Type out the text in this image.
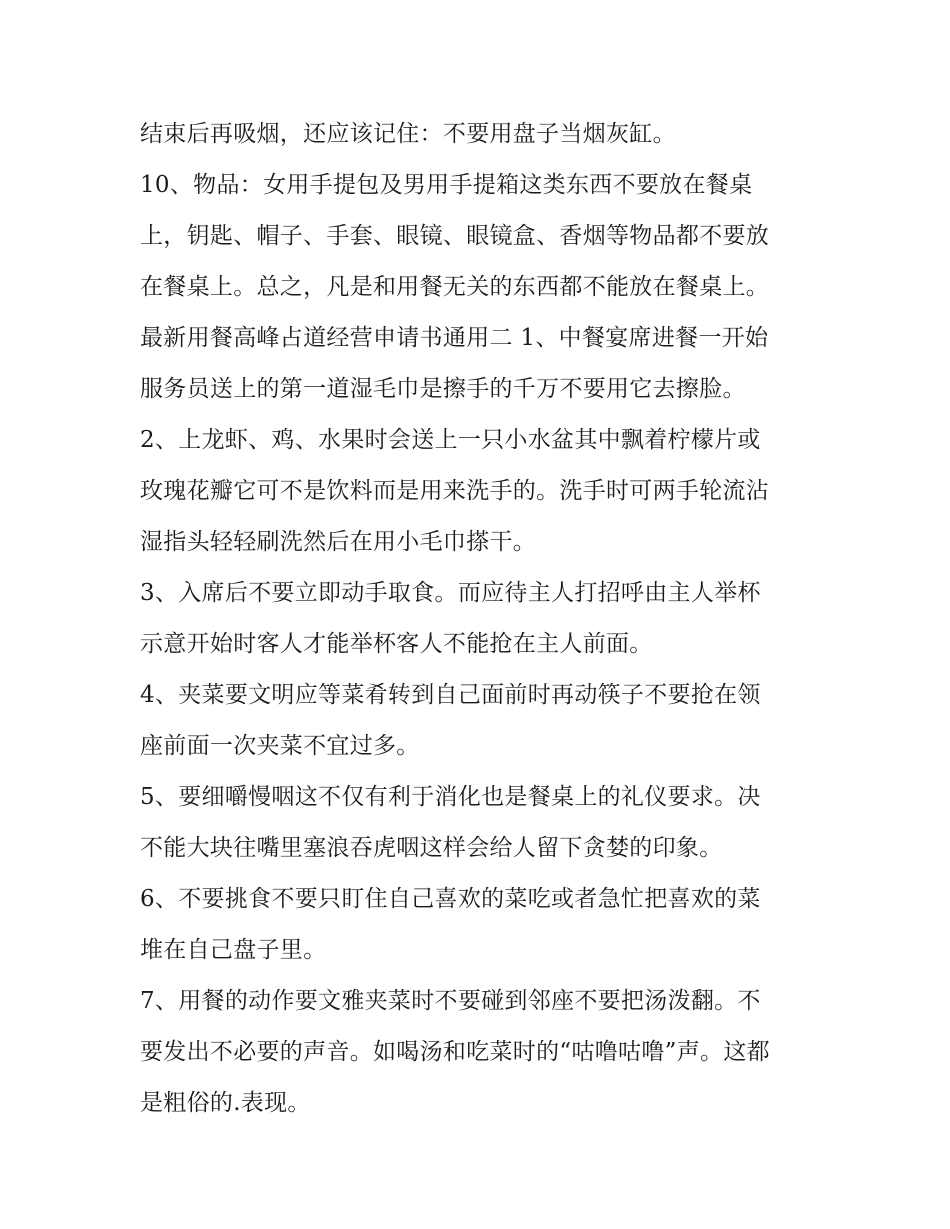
结束后再吸烟，还应该记住：不要用盘子当烟灰缸。
10、物品：女用手提包及男用手提箱这类东西不要放在餐桌
上，钥匙、帽子、手套、眼镜、眼镜盒、香烟等物品都不要放
在餐桌上。总之，凡是和用餐无关的东西都不能放在餐桌上。
最新用餐高峰占道经营申请书通用二 1、中餐宴席进餐一开始
服务员送上的第一道湿毛巾是擦手的千万不要用它去擦脸。
2、上龙虾、鸡、水果时会送上一只小水盆其中飘着柠檬片或
玫瑰花瓣它可不是饮料而是用来洗手的。洗手时可两手轮流沾
湿指头轻轻刷洗然后在用小毛巾搽干。
3、入席后不要立即动手取食。而应待主人打招呼由主人举杯
示意开始时客人才能举杯客人不能抢在主人前面。
4、夹菜要文明应等菜肴转到自己面前时再动筷子不要抢在领
座前面一次夹菜不宜过多。
5、要细嚼慢咽这不仅有利于消化也是餐桌上的礼仪要求。决
不能大块往嘴里塞浪吞虎咽这样会给人留下贪婪的印象。
6、不要挑食不要只盯住自己喜欢的菜吃或者急忙把喜欢的菜
堆在自己盘子里。
7、用餐的动作要文雅夹菜时不要碰到邻座不要把汤泼翻。不
要发出不必要的声音。如喝汤和吃菜时的“咕噜咕噜”声。这都
是粗俗的.表现。
